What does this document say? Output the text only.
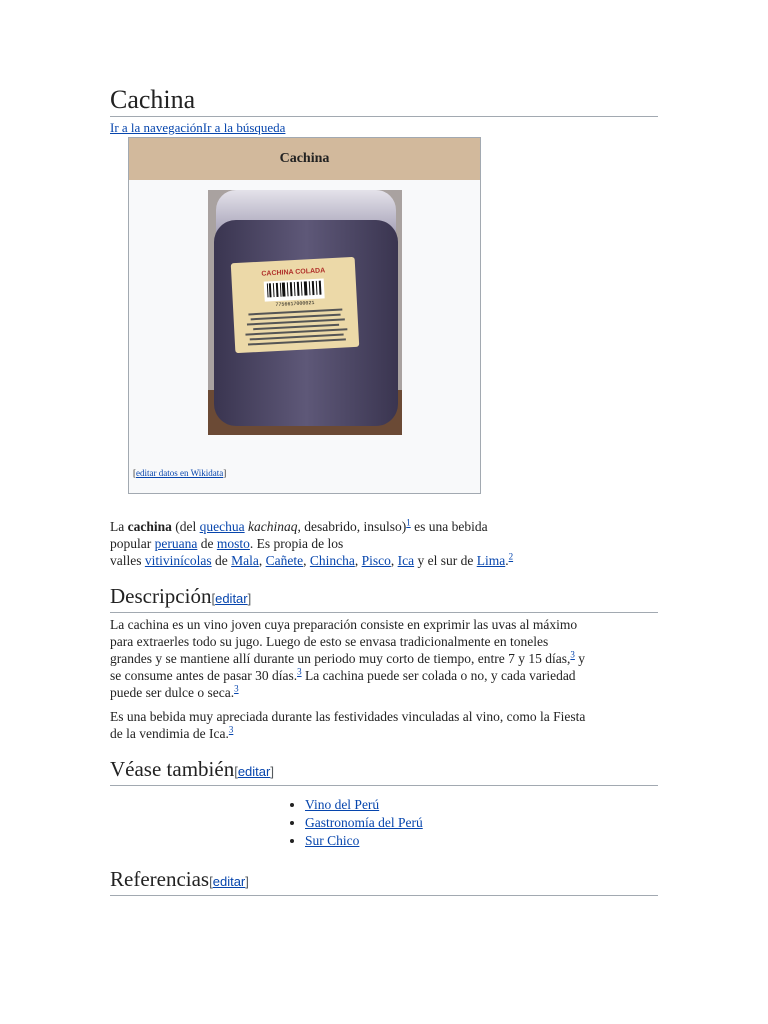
Cachina
Ir a la navegaciónIr a la búsqueda
Cachina
CACHINA COLADA
7756617000021
[editar datos en Wikidata]
La cachina (del quechua kachinaq, desabrido, insulso)$^1$ es una bebida
popular peruana de mosto. Es propia de los
valles vitivinícolas de Mala, Cañete, Chincha, Pisco, Ica y el sur de Lima.$^2$
Descripción[editar]
La cachina es un vino joven cuya preparación consiste en exprimir las uvas al máximo
para extraerles todo su jugo. Luego de esto se envasa tradicionalmente en toneles
grandes y se mantiene allí durante un periodo muy corto de tiempo, entre 7 y 15 días,$^3$ y
se consume antes de pasar 30 días.$^3$ La cachina puede ser colada o no, y cada variedad
puede ser dulce o seca.$^3$
Es una bebida muy apreciada durante las festividades vinculadas al vino, como la Fiesta
de la vendimia de Ica.$^3$
Véase también[editar]
• Vino del Perú
• Gastronomía del Perú
• Sur Chico
Referencias[editar]
